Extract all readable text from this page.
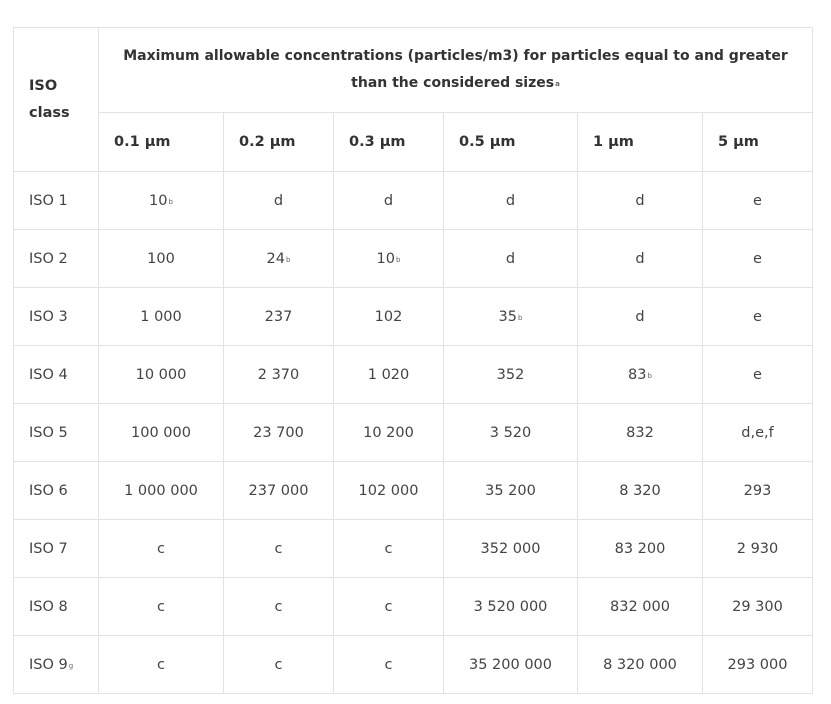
ISO
class	Maximum allowable concentrations (particles/m3) for particles equal to and greater than the considered sizesa					
	0.1 µm	0.2 µm	0.3 µm	0.5 µm	1 µm	5 µm
ISO 1	10b	d	d	d	d	e
ISO 2	100	24b	10b	d	d	e
ISO 3	1 000	237	102	35b	d	e
ISO 4	10 000	2 370	1 020	352	83b	e
ISO 5	100 000	23 700	10 200	3 520	832	d,e,f
ISO 6	1 000 000	237 000	102 000	35 200	8 320	293
ISO 7	c	c	c	352 000	83 200	2 930
ISO 8	c	c	c	3 520 000	832 000	29 300
ISO 9g	c	c	c	35 200 000	8 320 000	293 000
